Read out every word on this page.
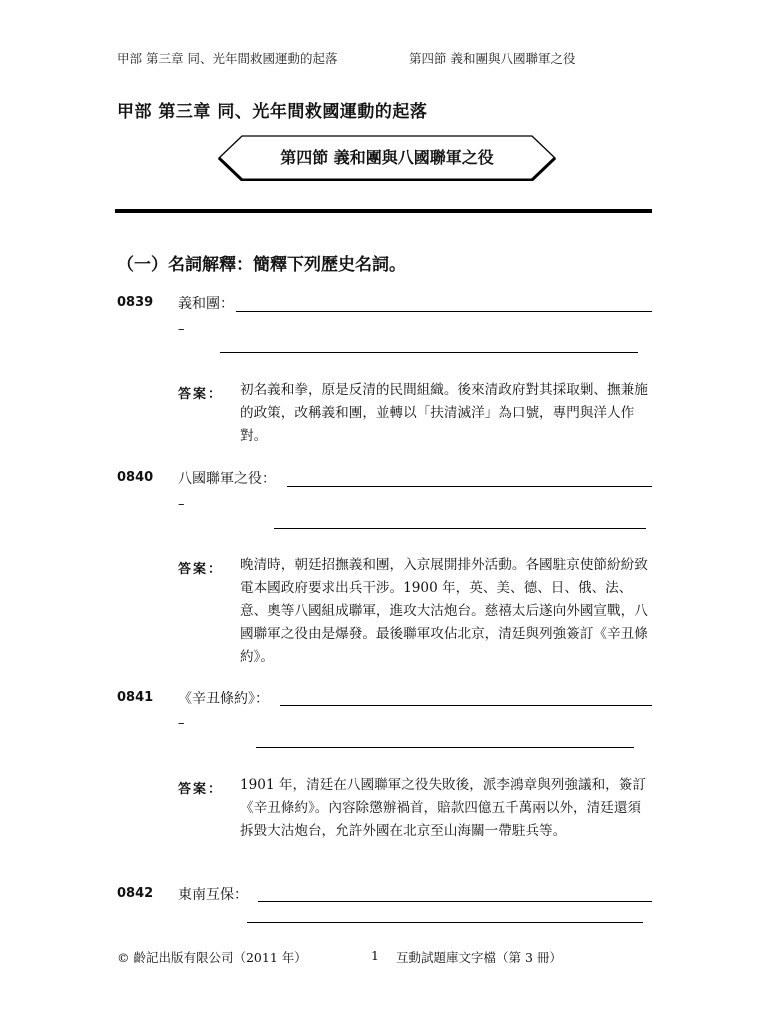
甲部 第三章 同、光年間救國運動的起落	第四節 義和團與八國聯軍之役
甲部 第三章 同、光年間救國運動的起落
第四節 義和團與八國聯軍之役
（一）名詞解釋：簡釋下列歷史名詞。
0839 義和團：
–
答案： 初名義和拳，原是反清的民間組織。後來清政府對其採取剿、撫兼施的政策，改稱義和團，並轉以「扶清滅洋」為口號，專門與洋人作對。
0840 八國聯軍之役：
–
答案： 晚清時，朝廷招撫義和團，入京展開排外活動。各國駐京使節紛紛致電本國政府要求出兵干涉。1900 年，英、美、德、日、俄、法、意、奧等八國組成聯軍，進攻大沽炮台。慈禧太后遂向外國宣戰，八國聯軍之役由是爆發。最後聯軍攻佔北京，清廷與列強簽訂《辛丑條約》。
0841 《辛丑條約》：
–
答案： 1901 年，清廷在八國聯軍之役失敗後，派李鴻章與列強議和，簽訂《辛丑條約》。內容除懲辦禍首，賠款四億五千萬兩以外，清廷還須拆毀大沽炮台，允許外國在北京至山海關一帶駐兵等。
0842 東南互保：
© 齡記出版有限公司（2011 年）	1 互動試題庫文字檔（第 3 冊）
